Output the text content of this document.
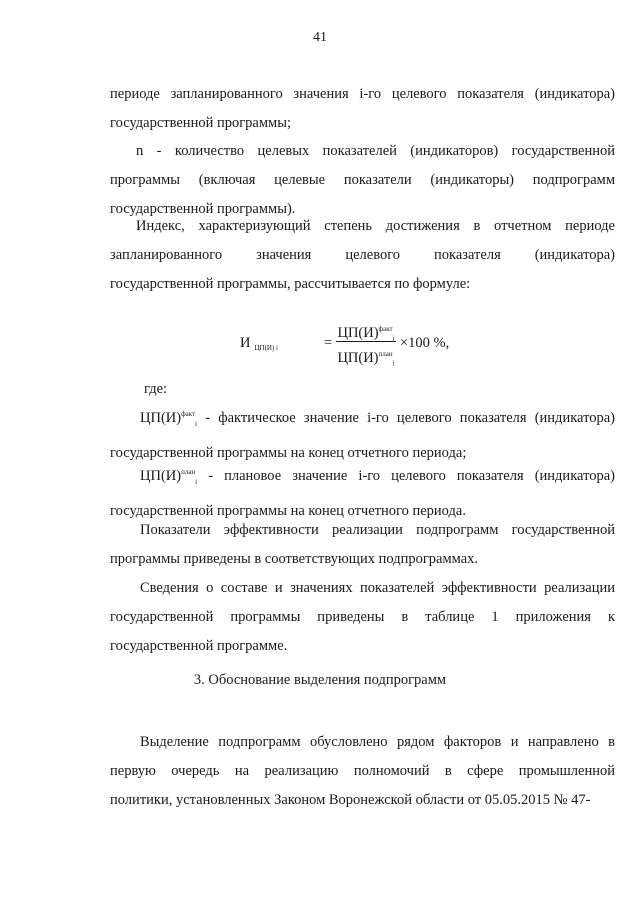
41
периоде запланированного значения i-го целевого показателя (индикатора)
государственной программы;
n - количество целевых показателей (индикаторов) государственной
программы (включая целевые показатели (индикаторы) подпрограмм
государственной программы).
Индекс, характеризующий степень достижения в отчетном периоде
запланированного значения целевого показателя (индикатора)
государственной программы, рассчитывается по формуле:
И $_{ЦП(И) i}$	=
$ЦП(И)^{факт}_i$
$ЦП(И)^{план}_i$
×100 %,
где:
$ЦП(И)^{факт}_i$ - фактическое значение i-го целевого показателя (индикатора)
государственной программы на конец отчетного периода;
$ЦП(И)^{план}_i$ - плановое значение i-го целевого показателя (индикатора)
государственной программы на конец отчетного периода.
Показатели эффективности реализации подпрограмм государственной
программы приведены в соответствующих подпрограммах.
Сведения о составе и значениях показателей эффективности реализации
государственной программы приведены в таблице 1 приложения к
государственной программе.
3. Обоснование выделения подпрограмм
Выделение подпрограмм обусловлено рядом факторов и направлено в
первую очередь на реализацию полномочий в сфере промышленной
политики, установленных Законом Воронежской области от 05.05.2015 № 47-
